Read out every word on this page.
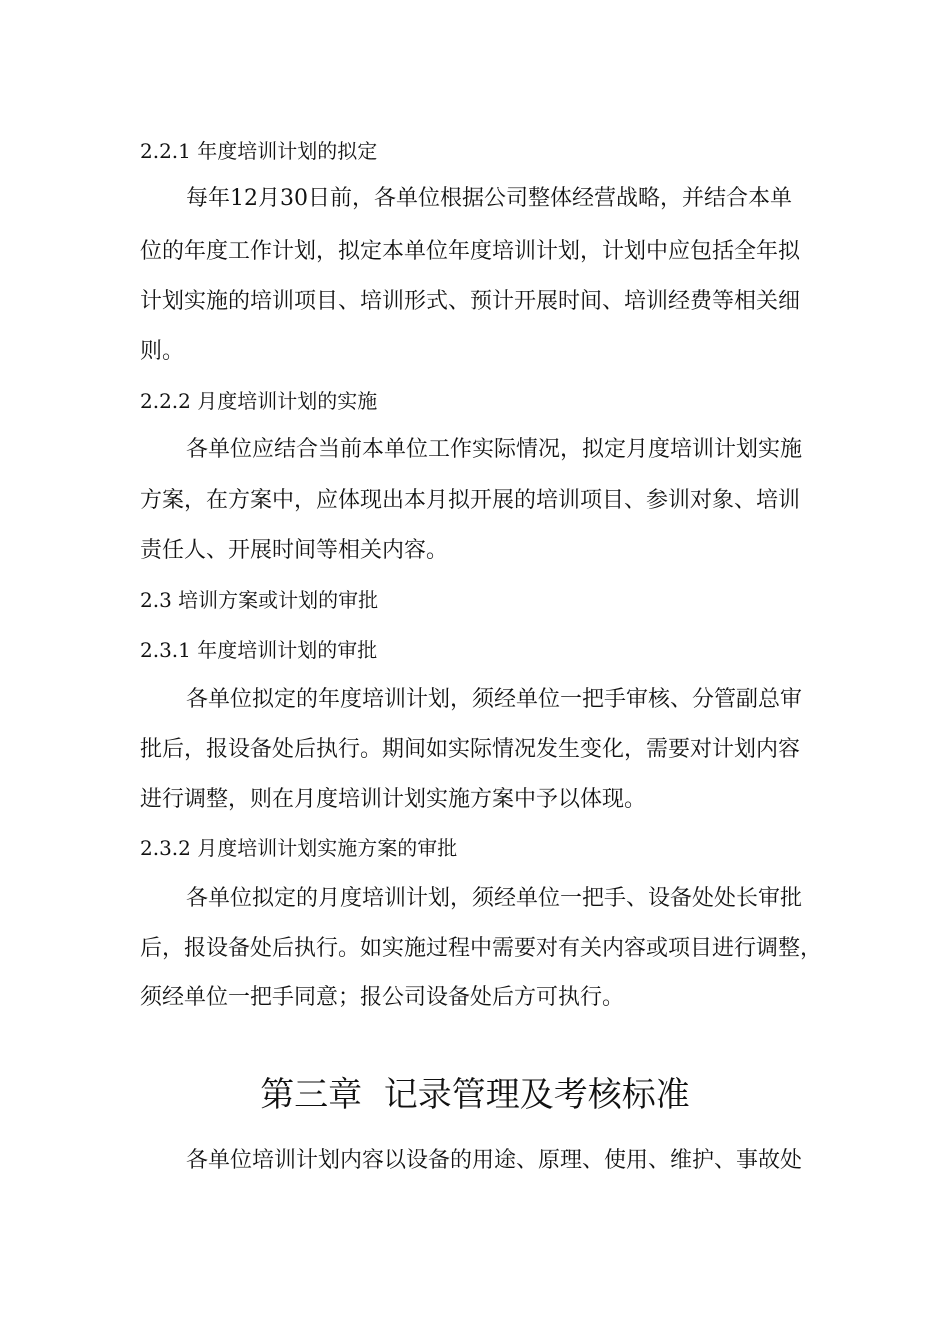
2.2.1 年度培训计划的拟定
每年12月30日前，各单位根据公司整体经营战略，并结合本单
位的年度工作计划，拟定本单位年度培训计划，计划中应包括全年拟
计划实施的培训项目、培训形式、预计开展时间、培训经费等相关细
则。
2.2.2 月度培训计划的实施
各单位应结合当前本单位工作实际情况，拟定月度培训计划实施
方案，在方案中，应体现出本月拟开展的培训项目、参训对象、培训
责任人、开展时间等相关内容。
2.3 培训方案或计划的审批
2.3.1 年度培训计划的审批
各单位拟定的年度培训计划，须经单位一把手审核、分管副总审
批后，报设备处后执行。期间如实际情况发生变化，需要对计划内容
进行调整，则在月度培训计划实施方案中予以体现。
2.3.2 月度培训计划实施方案的审批
各单位拟定的月度培训计划，须经单位一把手、设备处处长审批
后，报设备处后执行。如实施过程中需要对有关内容或项目进行调整，
须经单位一把手同意；报公司设备处后方可执行。
第三章  记录管理及考核标准
各单位培训计划内容以设备的用途、原理、使用、维护、事故处
